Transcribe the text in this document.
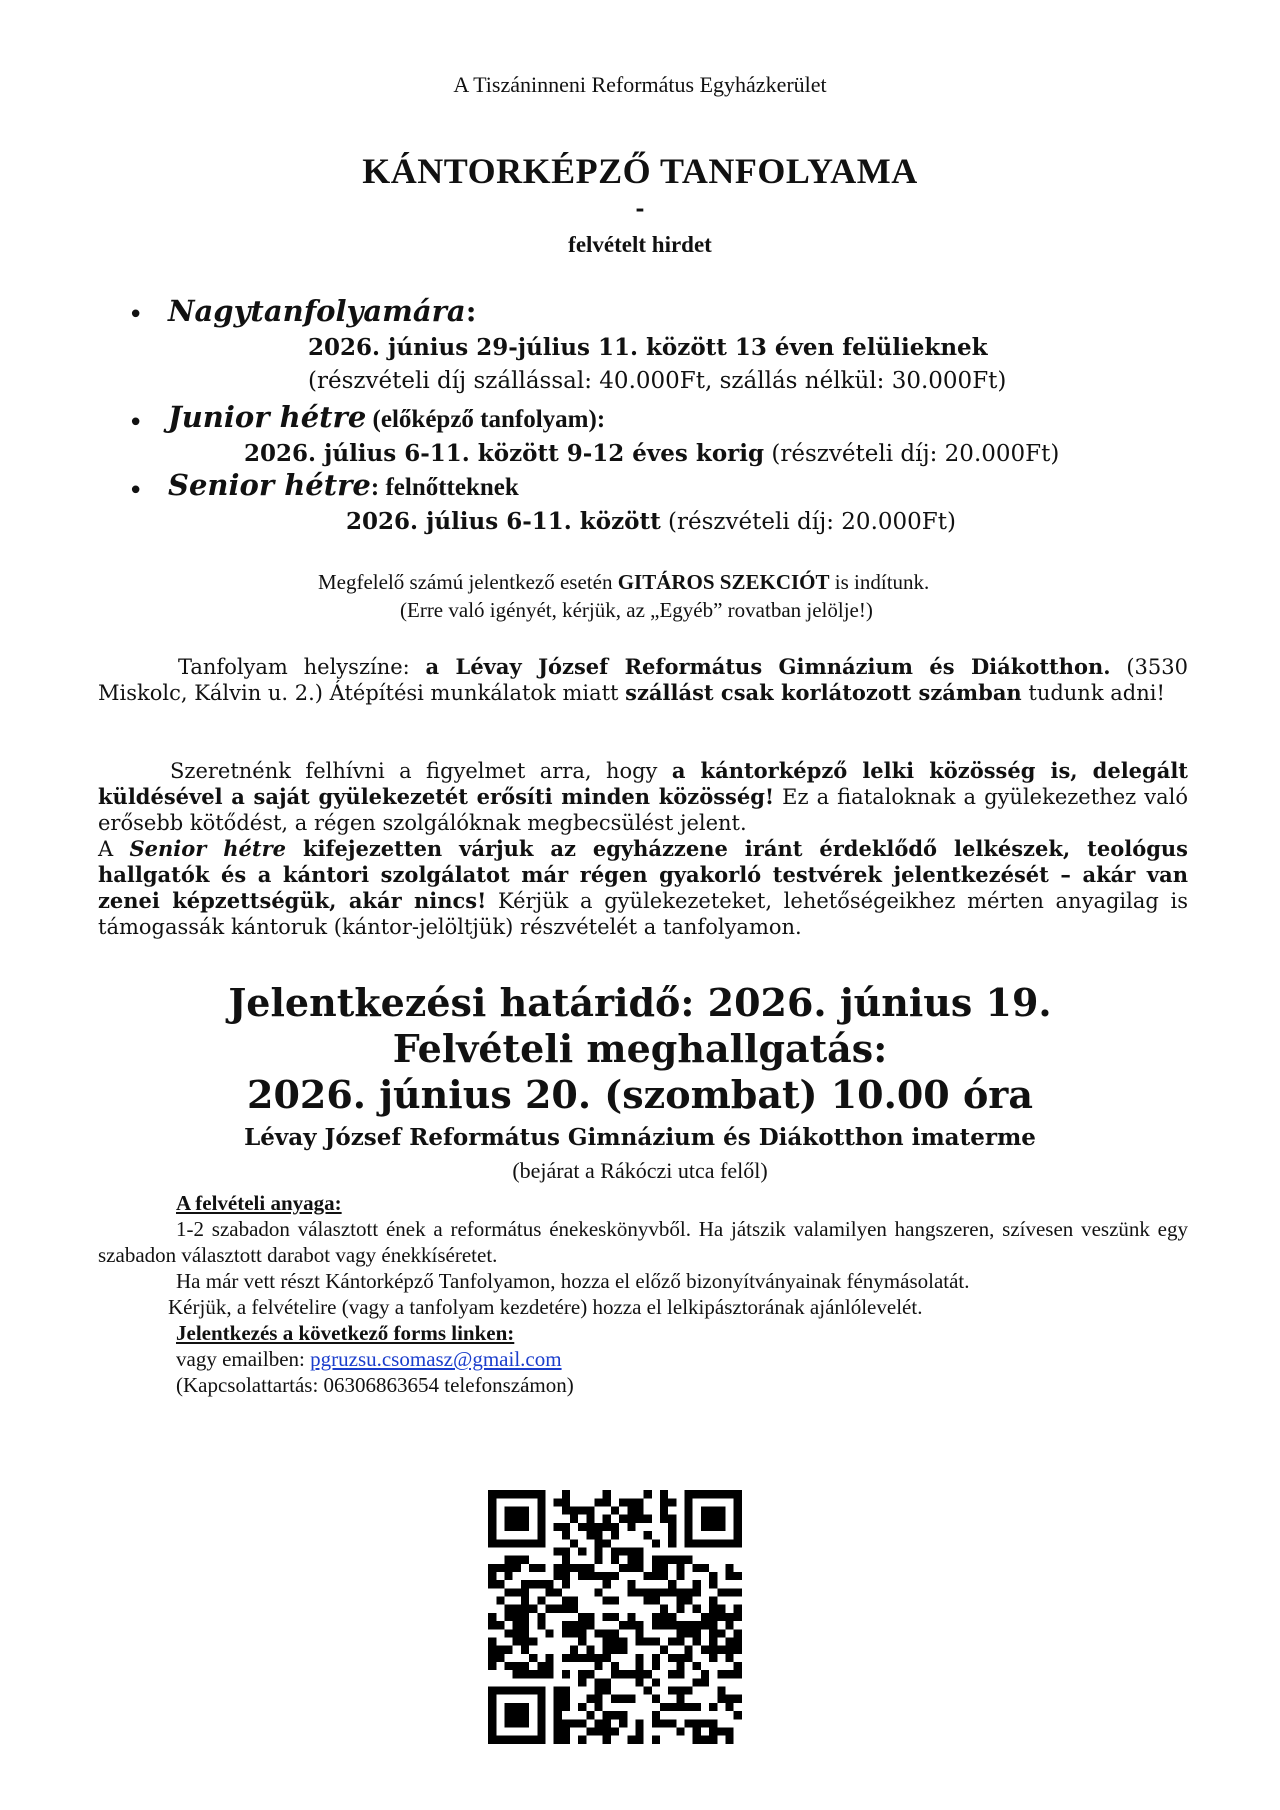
A Tiszáninneni Református Egyházkerület
KÁNTORKÉPZŐ TANFOLYAMA
-
felvételt hirdet
• Nagytanfolyamára:
2026. június 29-július 11. között 13 éven felülieknek
(részvételi díj szállással: 40.000Ft, szállás nélkül: 30.000Ft)
• Junior hétre (előképző tanfolyam):
2026. július 6-11. között 9-12 éves korig (részvételi díj: 20.000Ft)
• Senior hétre: felnőtteknek
2026. július 6-11. között (részvételi díj: 20.000Ft)
Megfelelő számú jelentkező esetén GITÁROS SZEKCIÓT is indítunk.
(Erre való igényét, kérjük, az „Egyéb” rovatban jelölje!)
Tanfolyam helyszíne: a Lévay József Református Gimnázium és Diákotthon. (3530 Miskolc, Kálvin u. 2.) Átépítési munkálatok miatt szállást csak korlátozott számban tudunk adni!
Szeretnénk felhívni a figyelmet arra, hogy a kántorképző lelki közösség is, delegált küldésével a saját gyülekezetét erősíti minden közösség! Ez a fiataloknak a gyülekezethez való erősebb kötődést, a régen szolgálóknak megbecsülést jelent.
A Senior hétre kifejezetten várjuk az egyházzene iránt érdeklődő lelkészek, teológus hallgatók és a kántori szolgálatot már régen gyakorló testvérek jelentkezését – akár van zenei képzettségük, akár nincs! Kérjük a gyülekezeteket, lehetőségeikhez mérten anyagilag is támogassák kántoruk (kántor-jelöltjük) részvételét a tanfolyamon.
Jelentkezési határidő: 2026. június 19.
Felvételi meghallgatás:
2026. június 20. (szombat) 10.00 óra
Lévay József Református Gimnázium és Diákotthon imaterme
(bejárat a Rákóczi utca felől)
A felvételi anyaga:
1-2 szabadon választott ének a református énekeskönyvből. Ha játszik valamilyen hangszeren, szívesen veszünk egy szabadon választott darabot vagy énekkíséretet.
Ha már vett részt Kántorképző Tanfolyamon, hozza el előző bizonyítványainak fénymásolatát.
Kérjük, a felvételire (vagy a tanfolyam kezdetére) hozza el lelkipásztorának ajánlólevelét.
Jelentkezés a következő forms linken:
vagy emailben: pgruzsu.csomasz@gmail.com
(Kapcsolattartás: 06306863654 telefonszámon)
